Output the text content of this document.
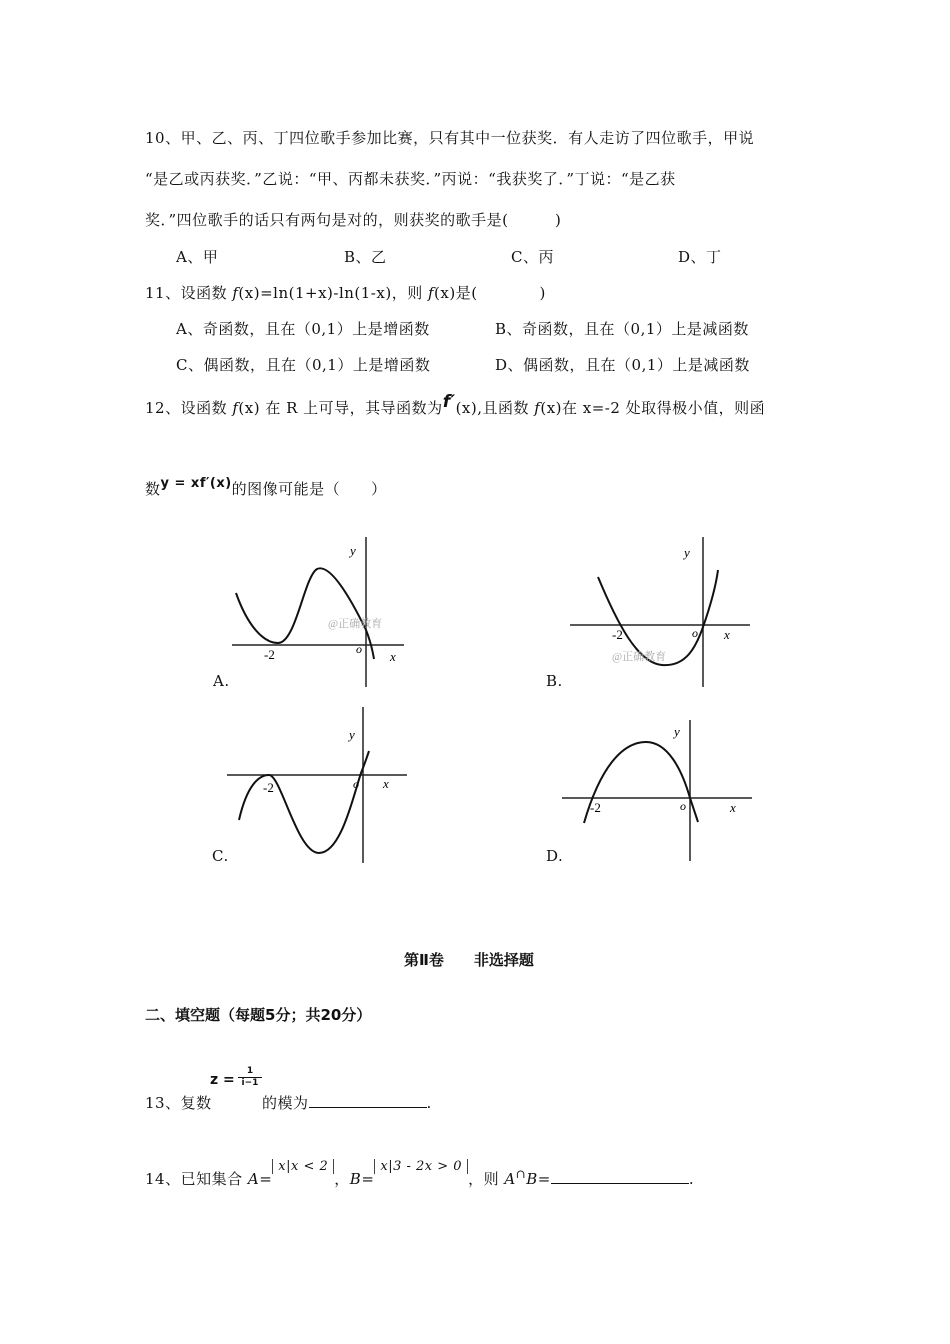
10、甲、乙、丙、丁四位歌手参加比赛，只有其中一位获奖．有人走访了四位歌手，甲说
“是乙或丙获奖．”乙说：“甲、丙都未获奖．”丙说：“我获奖了．”丁说：“是乙获
奖．”四位歌手的话只有两句是对的，则获奖的歌手是(　　　)
A、甲	B、乙	C、丙	D、丁
11、设函数 f(x)=ln(1+x)-ln(1-x)，则 f(x)是(　　　　)
A、奇函数，且在（0,1）上是增函数	B、奇函数，且在（0,1）上是减函数
C、偶函数，且在（0,1）上是增函数	D、偶函数，且在（0,1）上是减函数
12、设函数 f(x) 在 R 上可导，其导函数为f′(x),且函数 f(x)在 x=-2 处取得极小值，则函
数y = xf′(x)的图像可能是（　　）
y
x
o
-2
@正确教育
A.
y
x
o
-2
@正确教育
B.
y
x
o
-2
C.
y
x
o
-2
D.
第Ⅱ卷　　非选择题
二、填空题（每题5分；共20分）
13、复数
$z = \frac{1}{i-1}$
的模为	.
14、已知集合 A=x|x < 2，B=x|3 - 2x > 0，则 A∩B=	.
